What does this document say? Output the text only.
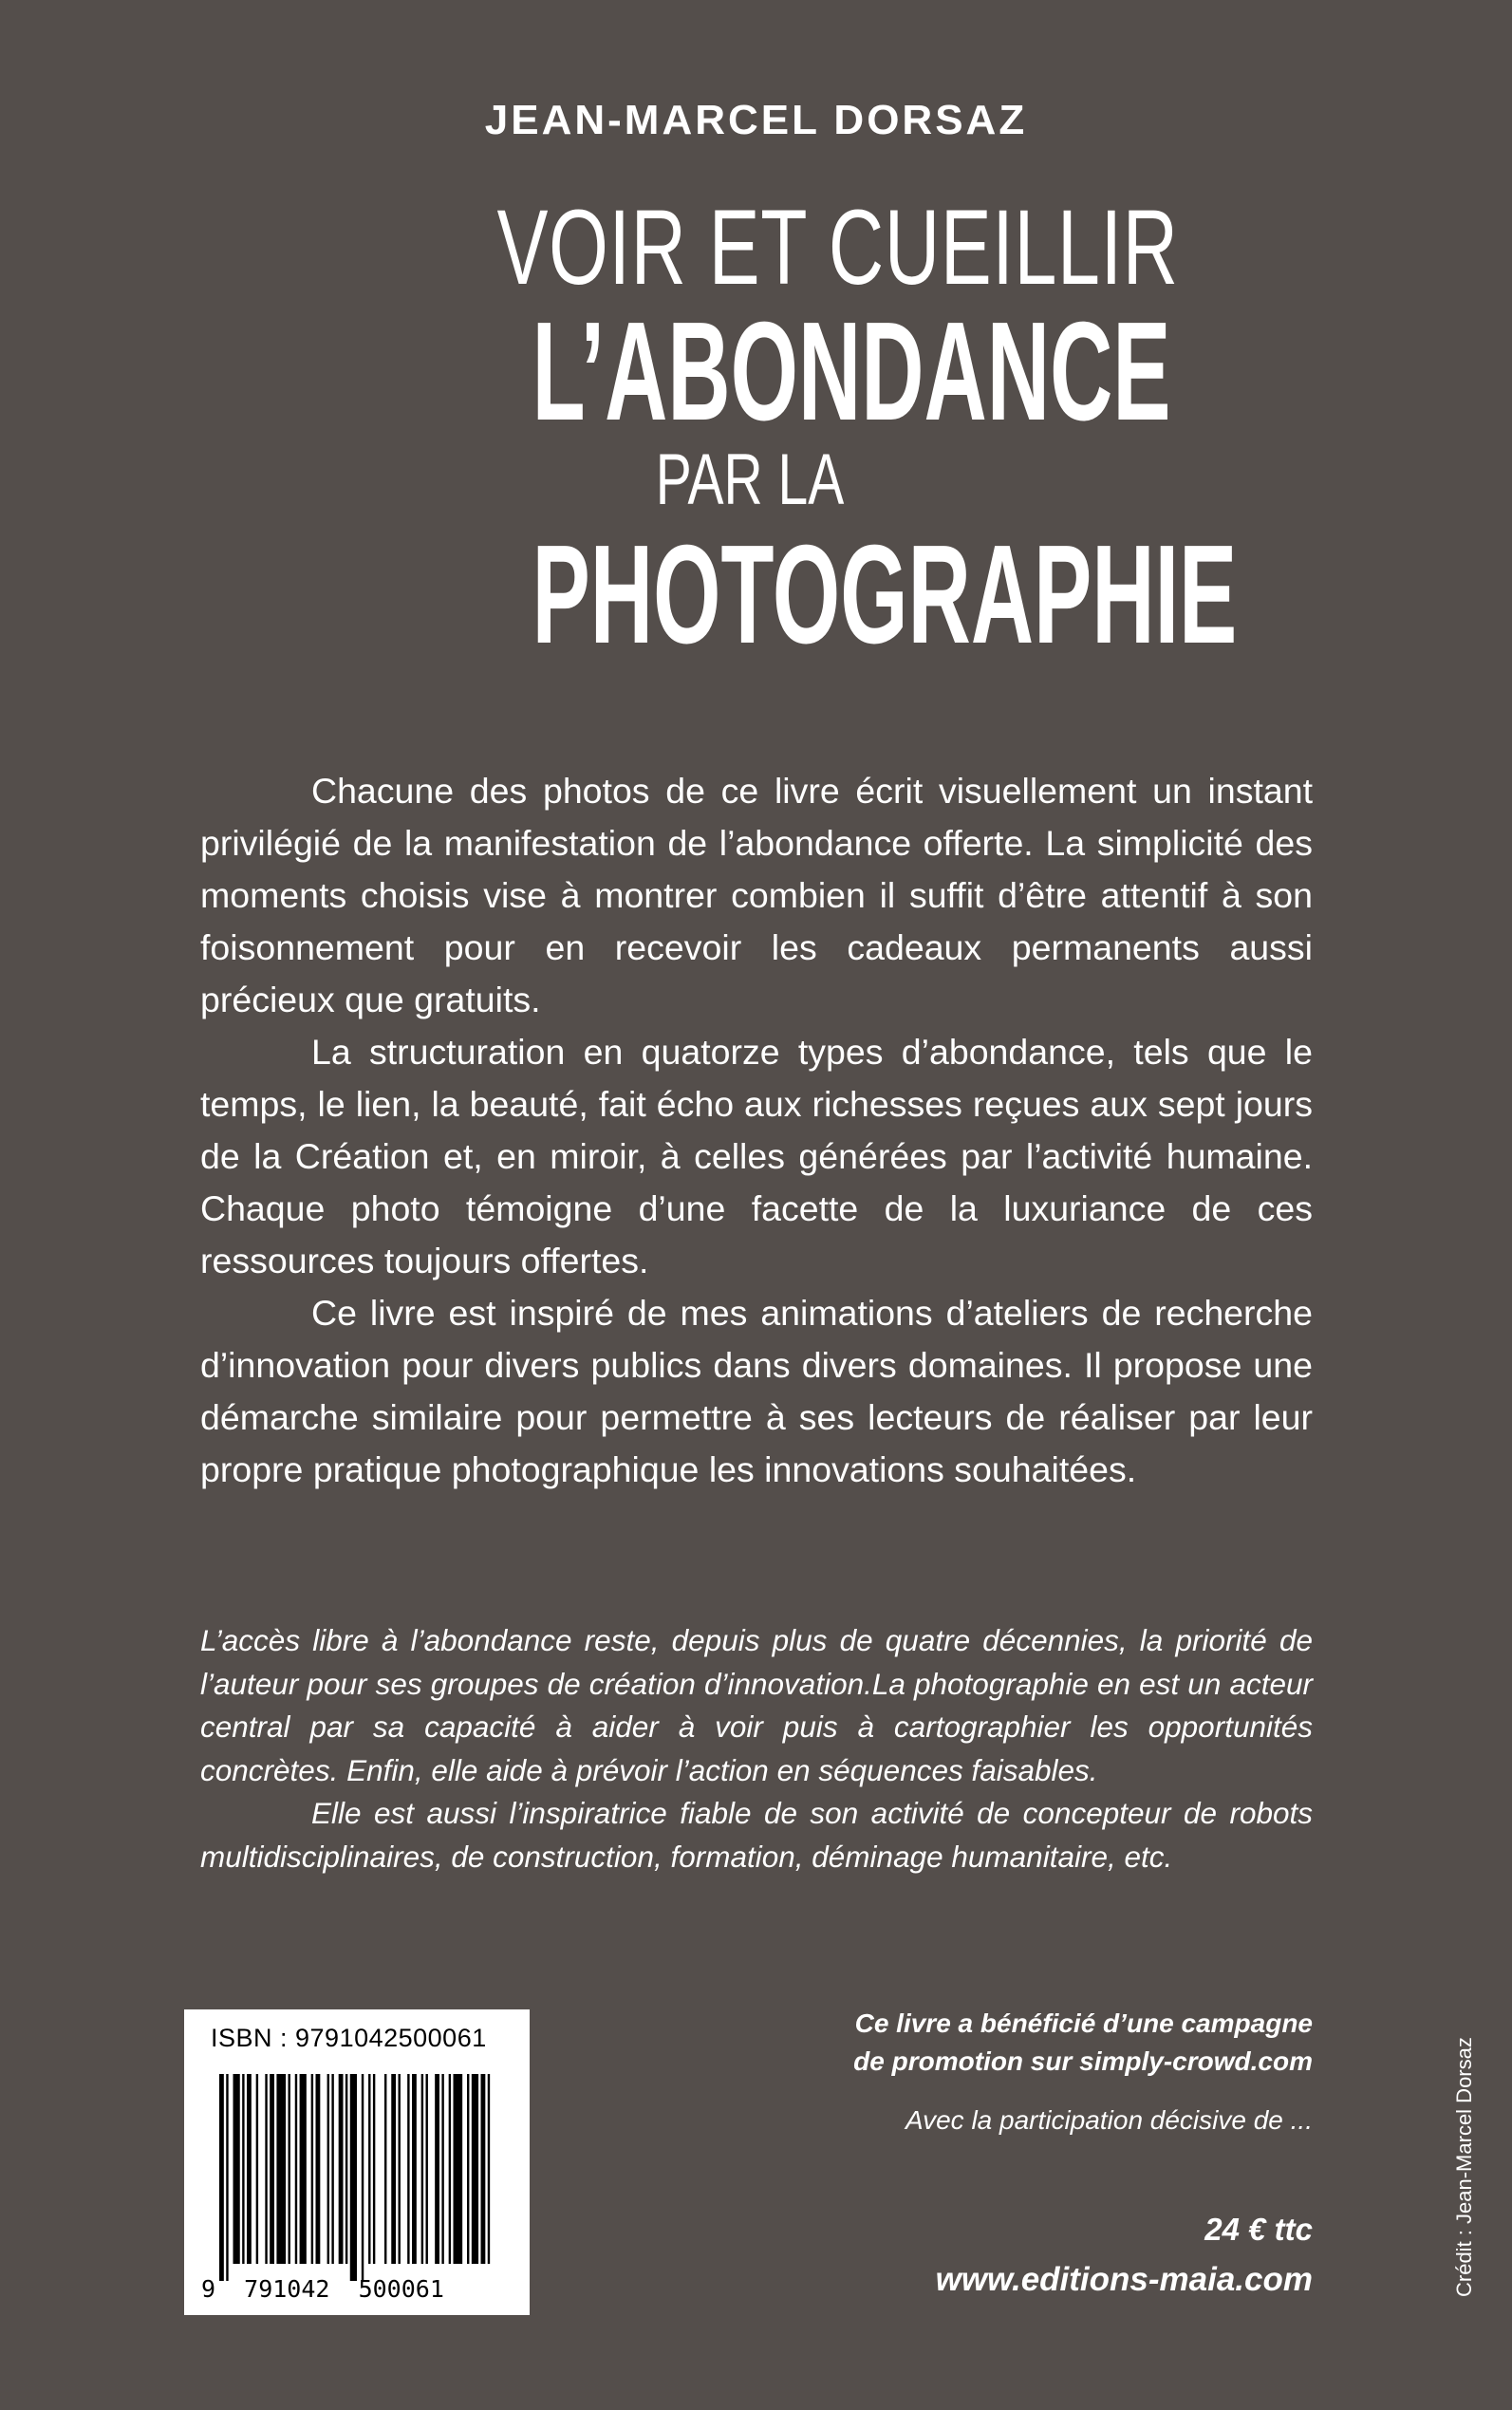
JEAN-MARCEL DORSAZ
VOIR ET CUEILLIR
L’ABONDANCE
PAR LA
PHOTOGRAPHIE

Chacune des photos de ce livre écrit visuellement un instant privilégié de la manifestation de l’abondance offerte. La simplicité des moments choisis vise à montrer combien il suffit d’être attentif à son foisonnement pour en recevoir les cadeaux permanents aussi précieux que gratuits.

La structuration en quatorze types d’abondance, tels que le temps, le lien, la beauté, fait écho aux richesses reçues aux sept jours de la Création et, en miroir, à celles générées par l’activité humaine. Chaque photo témoigne d’une facette de la luxuriance de ces ressources toujours offertes.

Ce livre est inspiré de mes animations d’ateliers de recherche d’innovation pour divers publics dans divers domaines. Il propose une démarche similaire pour permettre à ses lecteurs de réaliser par leur propre pratique photographique les innovations souhaitées.

L’accès libre à l’abondance reste, depuis plus de quatre décennies, la priorité de l’auteur pour ses groupes de création d’innovation.La photographie en est un acteur central par sa capacité à aider à voir puis à cartographier les opportunités concrètes. Enfin, elle aide à prévoir l’action en séquences faisables.

Elle est aussi l’inspiratrice fiable de son activité de concepteur de robots multidisciplinaires, de construction, formation, déminage humanitaire, etc.

ISBN : 9791042500061
9  791042  500061
Ce livre a bénéficié d’une campagne
de promotion sur simply-crowd.com
Avec la participation décisive de ...
24 € ttc
www.editions-maia.com	Crédit : Jean-Marcel Dorsaz
